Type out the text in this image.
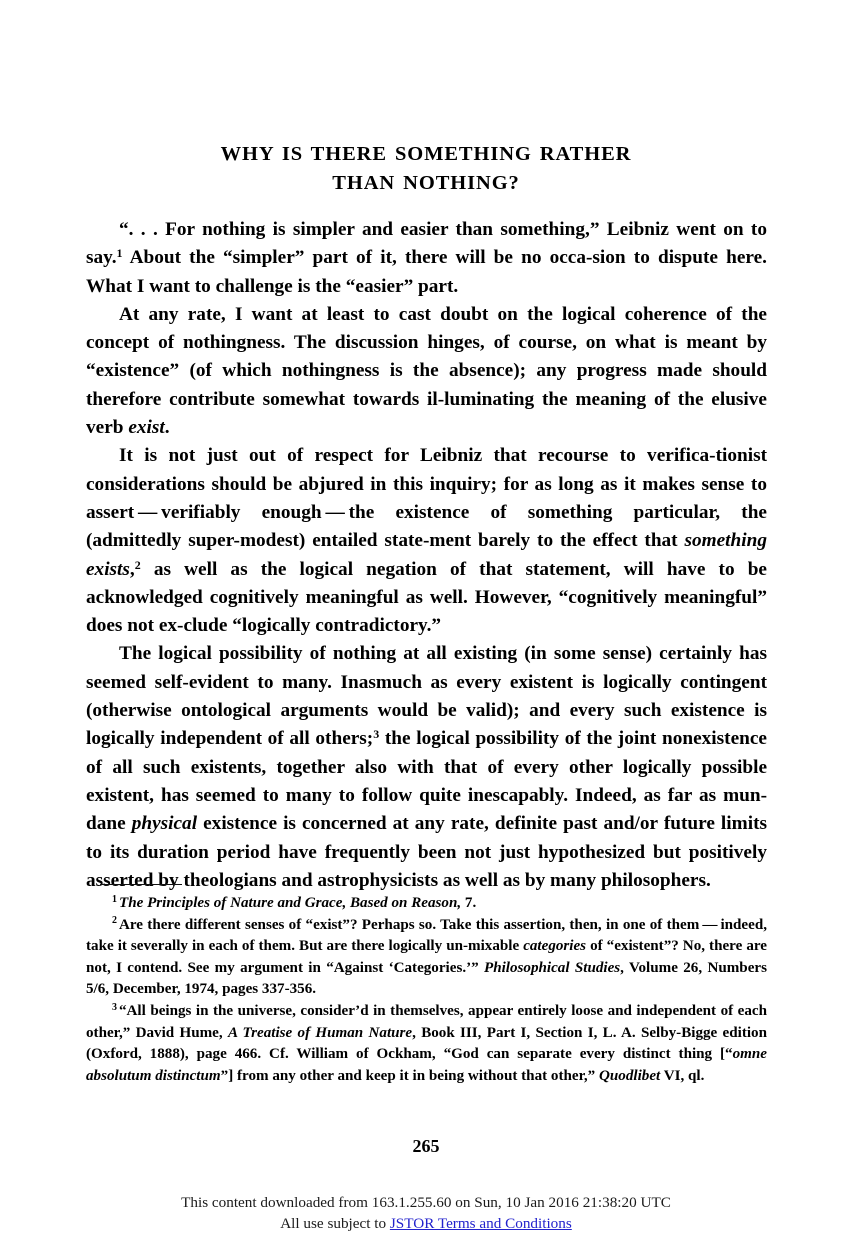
WHY IS THERE SOMETHING RATHER
THAN NOTHING?

“. . . For nothing is simpler and easier than something,” Leibniz went on to say.$^1$ About the “simpler” part of it, there will be no occa-sion to dispute here. What I want to challenge is the “easier” part.

At any rate, I want at least to cast doubt on the logical coherence of the concept of nothingness. The discussion hinges, of course, on what is meant by “existence” (of which nothingness is the absence); any progress made should therefore contribute somewhat towards il-luminating the meaning of the elusive verb exist.

It is not just out of respect for Leibniz that recourse to verifica-tionist considerations should be abjured in this inquiry; for as long as it makes sense to assert — verifiably enough — the existence of something particular, the (admittedly super-modest) entailed state-ment barely to the effect that something exists,$^2$ as well as the logical negation of that statement, will have to be acknowledged cognitively meaningful as well. However, “cognitively meaningful” does not ex-clude “logically contradictory.”

The logical possibility of nothing at all existing (in some sense) certainly has seemed self-evident to many. Inasmuch as every existent is logically contingent (otherwise ontological arguments would be valid); and every such existence is logically independent of all others;$^3$ the logical possibility of the joint nonexistence of all such existents, together also with that of every other logically possible existent, has seemed to many to follow quite inescapably. Indeed, as far as mun-dane physical existence is concerned at any rate, definite past and/or future limits to its duration period have frequently been not just hypothesized but positively asserted by theologians and astrophysicists as well as by many philosophers.

$^1$ The Principles of Nature and Grace, Based on Reason, 7.

$^2$ Are there different senses of “exist”? Perhaps so. Take this assertion, then, in one of them — indeed, take it severally in each of them. But are there logically un-mixable categories of “existent”? No, there are not, I contend. See my argument in “Against ‘Categories.’” Philosophical Studies, Volume 26, Numbers 5/6, December, 1974, pages 337-356.

$^3$ “All beings in the universe, consider’d in themselves, appear entirely loose and independent of each other,” David Hume, A Treatise of Human Nature, Book III, Part I, Section I, L. A. Selby-Bigge edition (Oxford, 1888), page 466. Cf. William of Ockham, “God can separate every distinct thing [“omne absolutum distinctum”] from any other and keep it in being without that other,” Quodlibet VI, ql.

265
This content downloaded from 163.1.255.60 on Sun, 10 Jan 2016 21:38:20 UTC
All use subject to JSTOR Terms and Conditions
